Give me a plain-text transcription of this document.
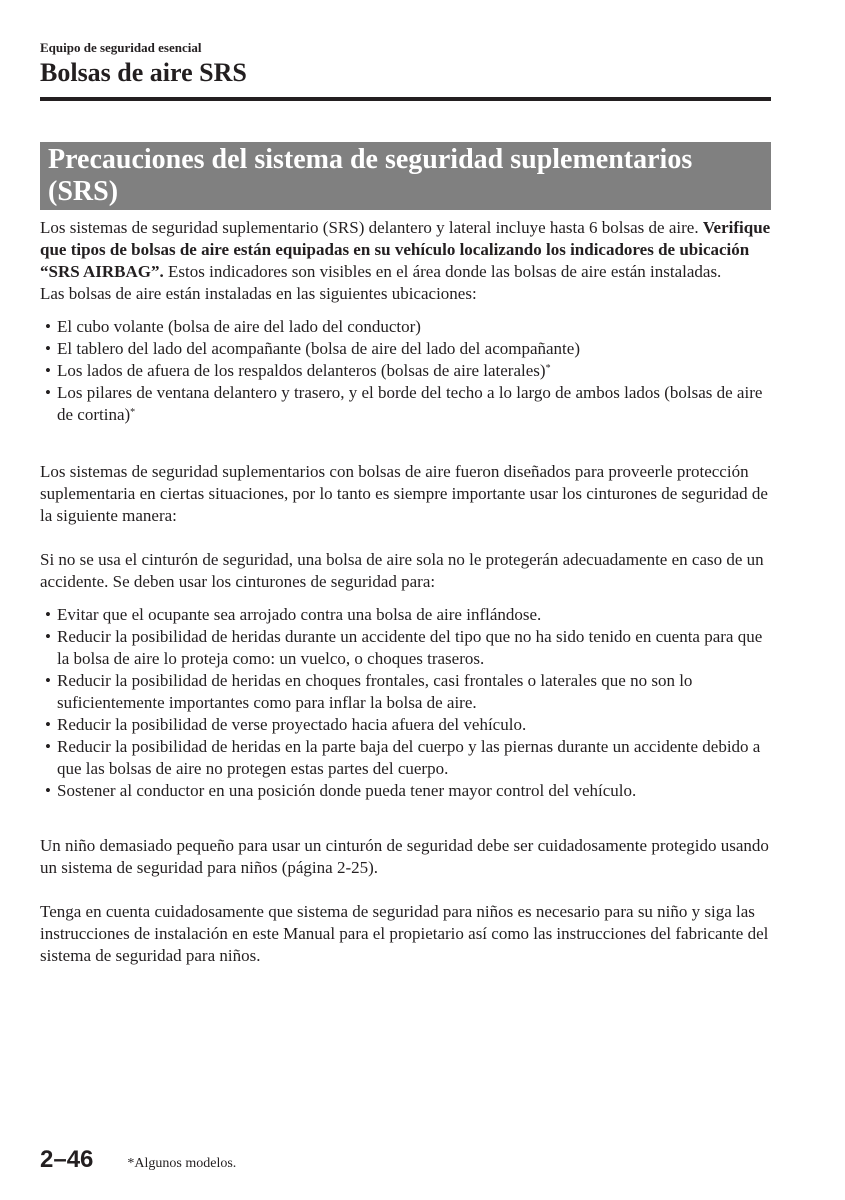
Equipo de seguridad esencial
Bolsas de aire SRS
Precauciones del sistema de seguridad suplementarios (SRS)

Los sistemas de seguridad suplementario (SRS) delantero y lateral incluye hasta 6 bolsas de aire. Verifique que tipos de bolsas de aire están equipadas en su vehículo localizando los indicadores de ubicación “SRS AIRBAG”. Estos indicadores son visibles en el área donde las bolsas de aire están instaladas.

Las bolsas de aire están instaladas en las siguientes ubicaciones:

• El cubo volante (bolsa de aire del lado del conductor)
• El tablero del lado del acompañante (bolsa de aire del lado del acompañante)
• Los lados de afuera de los respaldos delanteros (bolsas de aire laterales)*
• Los pilares de ventana delantero y trasero, y el borde del techo a lo largo de ambos lados (bolsas de aire de cortina)*

Los sistemas de seguridad suplementarios con bolsas de aire fueron diseñados para proveerle protección suplementaria en ciertas situaciones, por lo tanto es siempre importante usar los cinturones de seguridad de la siguiente manera:

Si no se usa el cinturón de seguridad, una bolsa de aire sola no le protegerán adecuadamente en caso de un accidente. Se deben usar los cinturones de seguridad para:

• Evitar que el ocupante sea arrojado contra una bolsa de aire inflándose.
• Reducir la posibilidad de heridas durante un accidente del tipo que no ha sido tenido en cuenta para que la bolsa de aire lo proteja como: un vuelco, o choques traseros.
• Reducir la posibilidad de heridas en choques frontales, casi frontales o laterales que no son lo suficientemente importantes como para inflar la bolsa de aire.
• Reducir la posibilidad de verse proyectado hacia afuera del vehículo.
• Reducir la posibilidad de heridas en la parte baja del cuerpo y las piernas durante un accidente debido a que las bolsas de aire no protegen estas partes del cuerpo.
• Sostener al conductor en una posición donde pueda tener mayor control del vehículo.

Un niño demasiado pequeño para usar un cinturón de seguridad debe ser cuidadosamente protegido usando un sistema de seguridad para niños (página 2-25).

Tenga en cuenta cuidadosamente que sistema de seguridad para niños es necesario para su niño y siga las instrucciones de instalación en este Manual para el propietario así como las instrucciones del fabricante del sistema de seguridad para niños.

2–46 *Algunos modelos.
